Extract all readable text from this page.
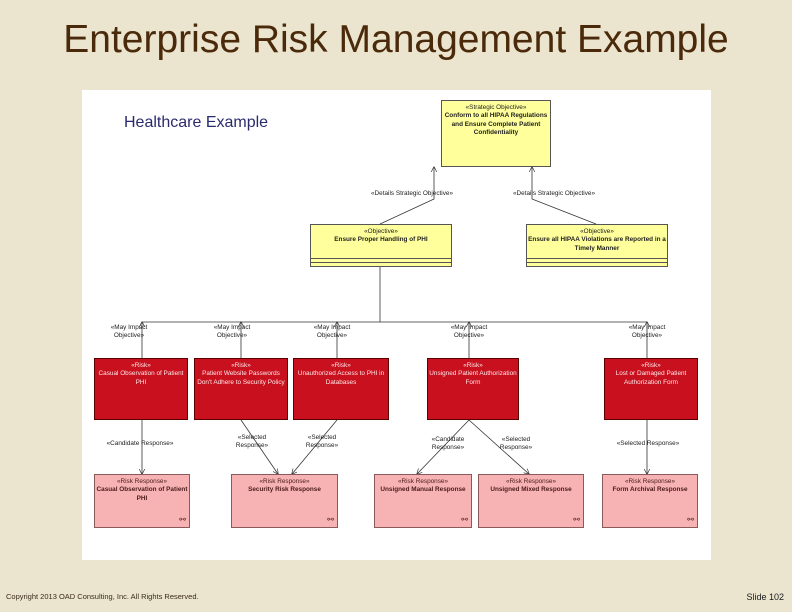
Enterprise Risk Management Example
Healthcare Example
«Strategic Objective»
Conform to all HIPAA Regulations and Ensure Complete Patient Confidentiality
«Details Strategic Objective»	«Details Strategic Objective»
«Objective»
Ensure Proper Handling of PHI
«Objective»
Ensure all HIPAA Violations are Reported in a Timely Manner
«May Impact Objective»
«May Impact Objective»
«May Impact Objective»
«May Impact Objective»
«May Impact Objective»
«Risk»
Casual Observation of Patient PHI
«Risk»
Patient Website Passwords Don't Adhere to Security Policy
«Risk»
Unauthorized Access to PHI in Databases
«Risk»
Unsigned Patient Authorization Form
«Risk»
Lost or Damaged Patient Authorization Form
«Candidate Response»
«Selected Response»
«Selected Response»
«Candidate Response»
«Selected Response»
«Selected Response»
«Risk Response»
Casual Observation of Patient PHI
⚯
«Risk Response»
Security Risk Response
⚯
«Risk Response»
Unsigned Manual Response
⚯
«Risk Response»
Unsigned Mixed Response
⚯
«Risk Response»
Form Archival Response
⚯
Copyright 2013 OAD Consulting, Inc. All Rights Reserved.	Slide 102
